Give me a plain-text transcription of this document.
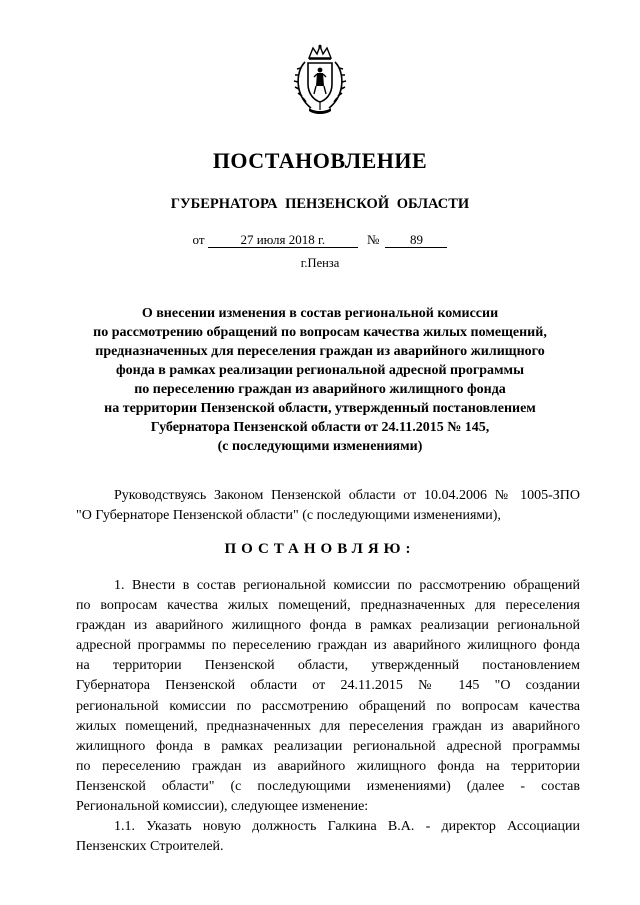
ПОСТАНОВЛЕНИЕ
ГУБЕРНАТОРА ПЕНЗЕНСКОЙ ОБЛАСТИ
от	27 июля 2018 г.	№ 89
г.Пенза
О внесении изменения в состав региональной комиссии
по рассмотрению обращений по вопросам качества жилых помещений,
предназначенных для переселения граждан из аварийного жилищного
фонда в рамках реализации региональной адресной программы
по переселению граждан из аварийного жилищного фонда
на территории Пензенской области, утвержденный постановлением
Губернатора Пензенской области от 24.11.2015 № 145,
(с последующими изменениями)
Руководствуясь Законом Пензенской области от 10.04.2006 № 1005-ЗПО
"О Губернаторе Пензенской области" (с последующими изменениями),
ПОСТАНОВЛЯЮ:
1. Внести в состав региональной комиссии по рассмотрению обращений
по вопросам качества жилых помещений, предназначенных для переселения
граждан из аварийного жилищного фонда в рамках реализации региональной
адресной программы по переселению граждан из аварийного жилищного фонда
на территории Пензенской области, утвержденный постановлением
Губернатора Пензенской области от 24.11.2015 № 145 "О создании
региональной комиссии по рассмотрению обращений по вопросам качества
жилых помещений, предназначенных для переселения граждан из аварийного
жилищного фонда в рамках реализации региональной адресной программы
по переселению граждан из аварийного жилищного фонда на территории
Пензенской области" (с последующими изменениями) (далее - состав
Региональной комиссии), следующее изменение:
1.1. Указать новую должность Галкина В.А. - директор Ассоциации
Пензенских Строителей.
